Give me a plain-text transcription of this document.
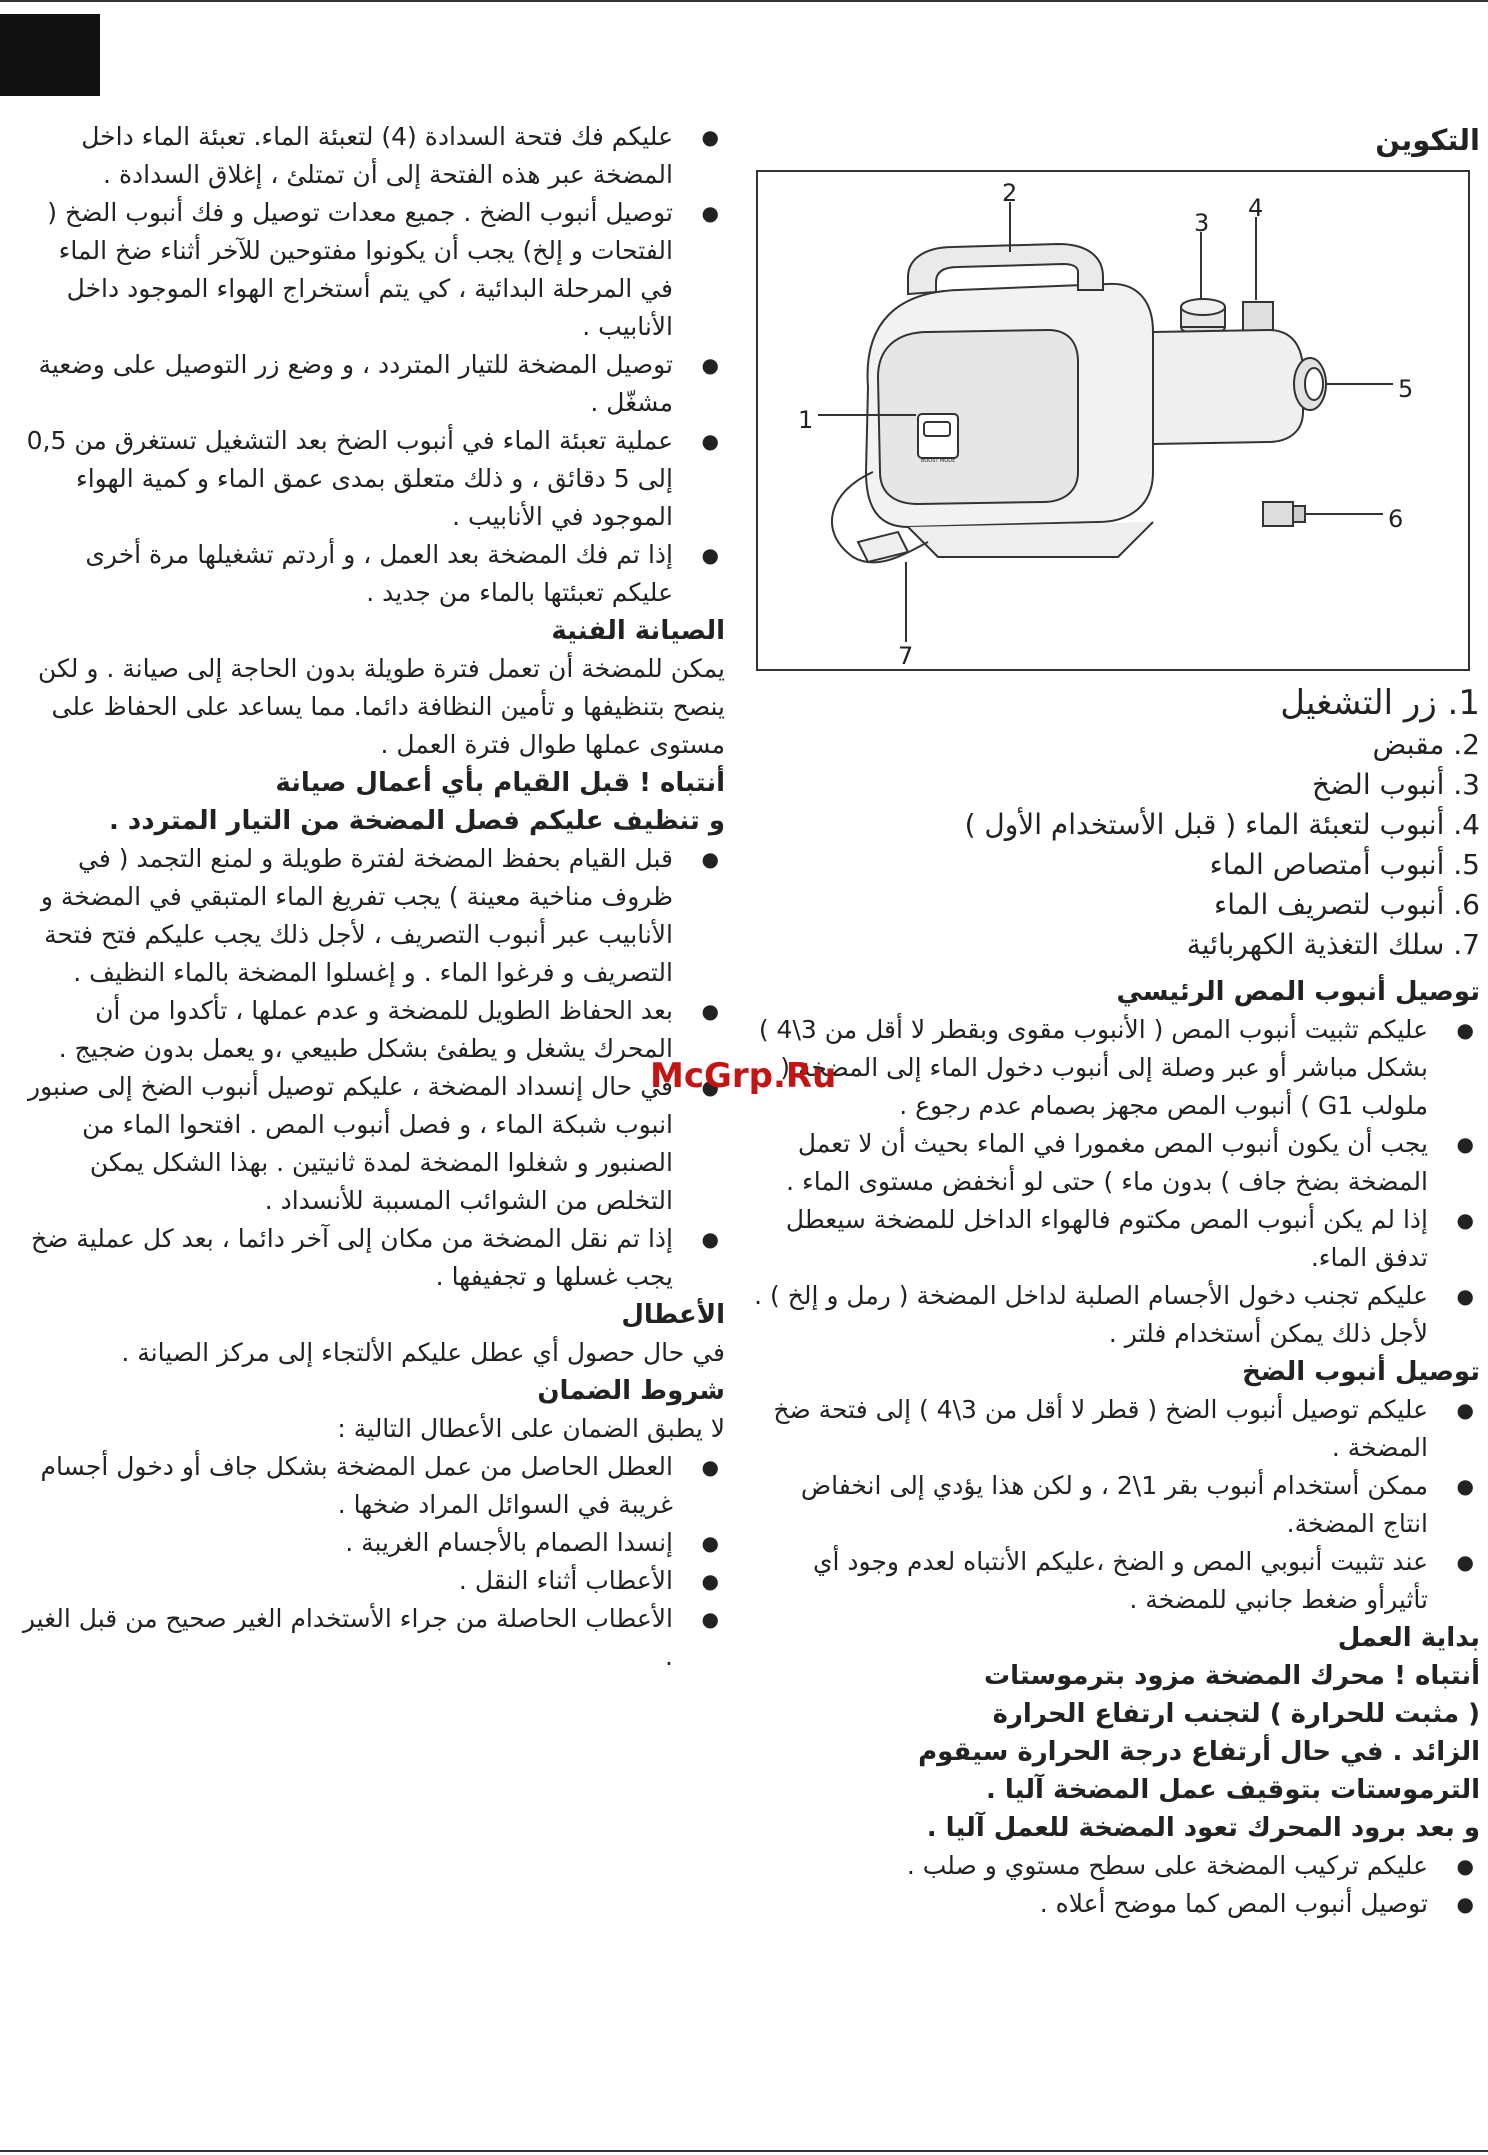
التكوين
2
3
4
5
6
1
7
BOOST MODE

1. زر التشغيل

2. مقبض

3. أنبوب الضخ

4. أنبوب لتعبئة الماء ( قبل الأستخدام الأول )

5. أنبوب أمتصاص الماء

6. أنبوب لتصريف الماء

7. سلك التغذية الكهربائية

توصيل أنبوب المص الرئيسي

● عليكم تثبيت أنبوب المص ( الأنبوب مقوى وبقطر لا أقل من 3\4 ) بشكل مباشر أو عبر وصلة إلى أنبوب دخول الماء إلى المضخة ( ملولب G1 ) أنبوب المص مجهز بصمام عدم رجوع .
● يجب أن يكون أنبوب المص مغمورا في الماء بحيث أن لا تعمل المضخة بضخ جاف ) بدون ماء ) حتى لو أنخفض مستوى الماء .
● إذا لم يكن أنبوب المص مكتوم فالهواء الداخل للمضخة سيعطل تدفق الماء.
● عليكم تجنب دخول الأجسام الصلبة لداخل المضخة ( رمل و إلخ ) . لأجل ذلك يمكن أستخدام فلتر .

توصيل أنبوب الضخ

● عليكم توصيل أنبوب الضخ ( قطر لا أقل من 3\4 ) إلى فتحة ضخ المضخة .
● ممكن أستخدام أنبوب بقر 1\2 ، و لكن هذا يؤدي إلى انخفاض انتاج المضخة.
● عند تثبيت أنبوبي المص و الضخ ،عليكم الأنتباه لعدم وجود أي تأثيرأو ضغط جانبي للمضخة .

بداية العمل

أنتباه ! محرك المضخة مزود بترموستات

( مثبت للحرارة ) لتجنب ارتفاع الحرارة

الزائد . في حال أرتفاع درجة الحرارة سيقوم

الترموستات بتوقيف عمل المضخة آليا .

و بعد برود المحرك تعود المضخة للعمل آليا .

● عليكم تركيب المضخة على سطح مستوي و صلب .
● توصيل أنبوب المص كما موضح أعلاه .
● عليكم فك فتحة السدادة (4) لتعبئة الماء. تعبئة الماء داخل المضخة عبر هذه الفتحة إلى أن تمتلئ ، إغلاق السدادة .
● توصيل أنبوب الضخ . جميع معدات توصيل و فك أنبوب الضخ ( الفتحات و إلخ) يجب أن يكونوا مفتوحين للآخر أثناء ضخ الماء في المرحلة البدائية ، كي يتم أستخراج الهواء الموجود داخل الأنابيب .
● توصيل المضخة للتيار المتردد ، و وضع زر التوصيل على وضعية مشغّل .
● عملية تعبئة الماء في أنبوب الضخ بعد التشغيل تستغرق من 0,5 إلى 5 دقائق ، و ذلك متعلق بمدى عمق الماء و كمية الهواء الموجود في الأنابيب .
● إذا تم فك المضخة بعد العمل ، و أردتم تشغيلها مرة أخرى عليكم تعبئتها بالماء من جديد .

الصيانة الفنية

يمكن للمضخة أن تعمل فترة طويلة بدون الحاجة إلى صيانة . و لكن ينصح بتنظيفها و تأمين النظافة دائما. مما يساعد على الحفاظ على مستوى عملها طوال فترة العمل .

أنتباه ! قبل القيام بأي أعمال صيانة

و تنظيف عليكم فصل المضخة من التيار المتردد .

● قبل القيام بحفظ المضخة لفترة طويلة و لمنع التجمد ( في ظروف مناخية معينة ) يجب تفريغ الماء المتبقي في المضخة و الأنابيب عبر أنبوب التصريف ، لأجل ذلك يجب عليكم فتح فتحة التصريف و فرغوا الماء . و إغسلوا المضخة بالماء النظيف .
● بعد الحفاظ الطويل للمضخة و عدم عملها ، تأكدوا من أن المحرك يشغل و يطفئ بشكل طبيعي ،و يعمل بدون ضجيج .
● في حال إنسداد المضخة ، عليكم توصيل أنبوب الضخ إلى صنبور انبوب شبكة الماء ، و فصل أنبوب المص . افتحوا الماء من الصنبور و شغلوا المضخة لمدة ثانيتين . بهذا الشكل يمكن التخلص من الشوائب المسببة للأنسداد .
● إذا تم نقل المضخة من مكان إلى آخر دائما ، بعد كل عملية ضخ يجب غسلها و تجفيفها .

الأعطال

في حال حصول أي عطل عليكم الألتجاء إلى مركز الصيانة .

شروط الضمان

لا يطبق الضمان على الأعطال التالية :

● العطل الحاصل من عمل المضخة بشكل جاف أو دخول أجسام غريبة في السوائل المراد ضخها .
● إنسدا الصمام بالأجسام الغريبة .
● الأعطاب أثناء النقل .
● الأعطاب الحاصلة من جراء الأستخدام الغير صحيح من قبل الغير .
McGrp.Ru
